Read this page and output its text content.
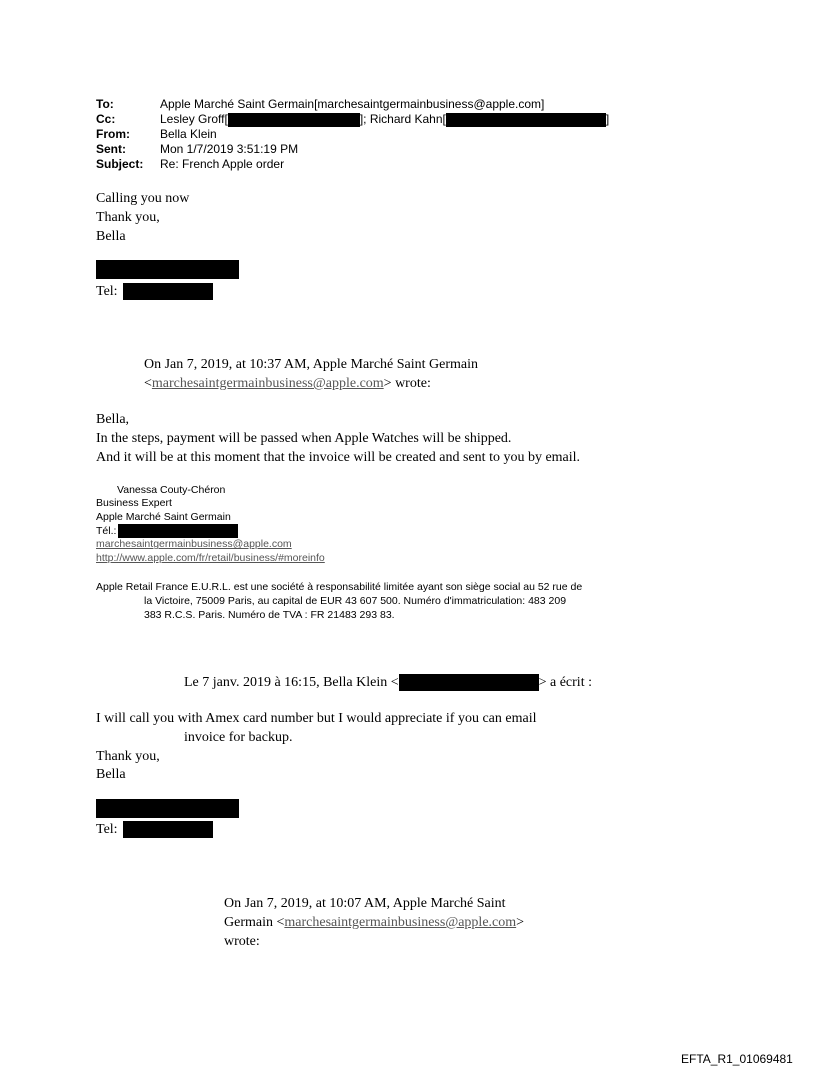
To:	Apple Marché Saint Germain[marchesaintgermainbusiness@apple.com]
Cc:	Lesley Groff[	]; Richard Kahn[	]
From:	Bella Klein
Sent:	Mon 1/7/2019 3:51:19 PM
Subject: Re: French Apple order
Calling you now
Thank you,
Bella
Tel:
On Jan 7, 2019, at 10:37 AM, Apple Marché Saint Germain
<marchesaintgermainbusiness@apple.com> wrote:
Bella,
In the steps, payment will be passed when Apple Watches will be shipped.
And it will be at this moment that the invoice will be created and sent to you by email.
Vanessa Couty-Chéron
Business Expert
Apple Marché Saint Germain
Tél.:
marchesaintgermainbusiness@apple.com
http://www.apple.com/fr/retail/business/#moreinfo
Apple Retail France E.U.R.L. est une société à responsabilité limitée ayant son siège social au 52 rue de
la Victoire, 75009 Paris, au capital de EUR 43 607 500. Numéro d'immatriculation: 483 209
383 R.C.S. Paris. Numéro de TVA : FR 21483 293 83.
Le 7 janv. 2019 à 16:15, Bella Klein <	> a écrit :
I will call you with Amex card number but I would appreciate if you can email
invoice for backup.
Thank you,
Bella
Tel:
On Jan 7, 2019, at 10:07 AM, Apple Marché Saint
Germain <marchesaintgermainbusiness@apple.com>
wrote:
EFTA_R1_01069481
